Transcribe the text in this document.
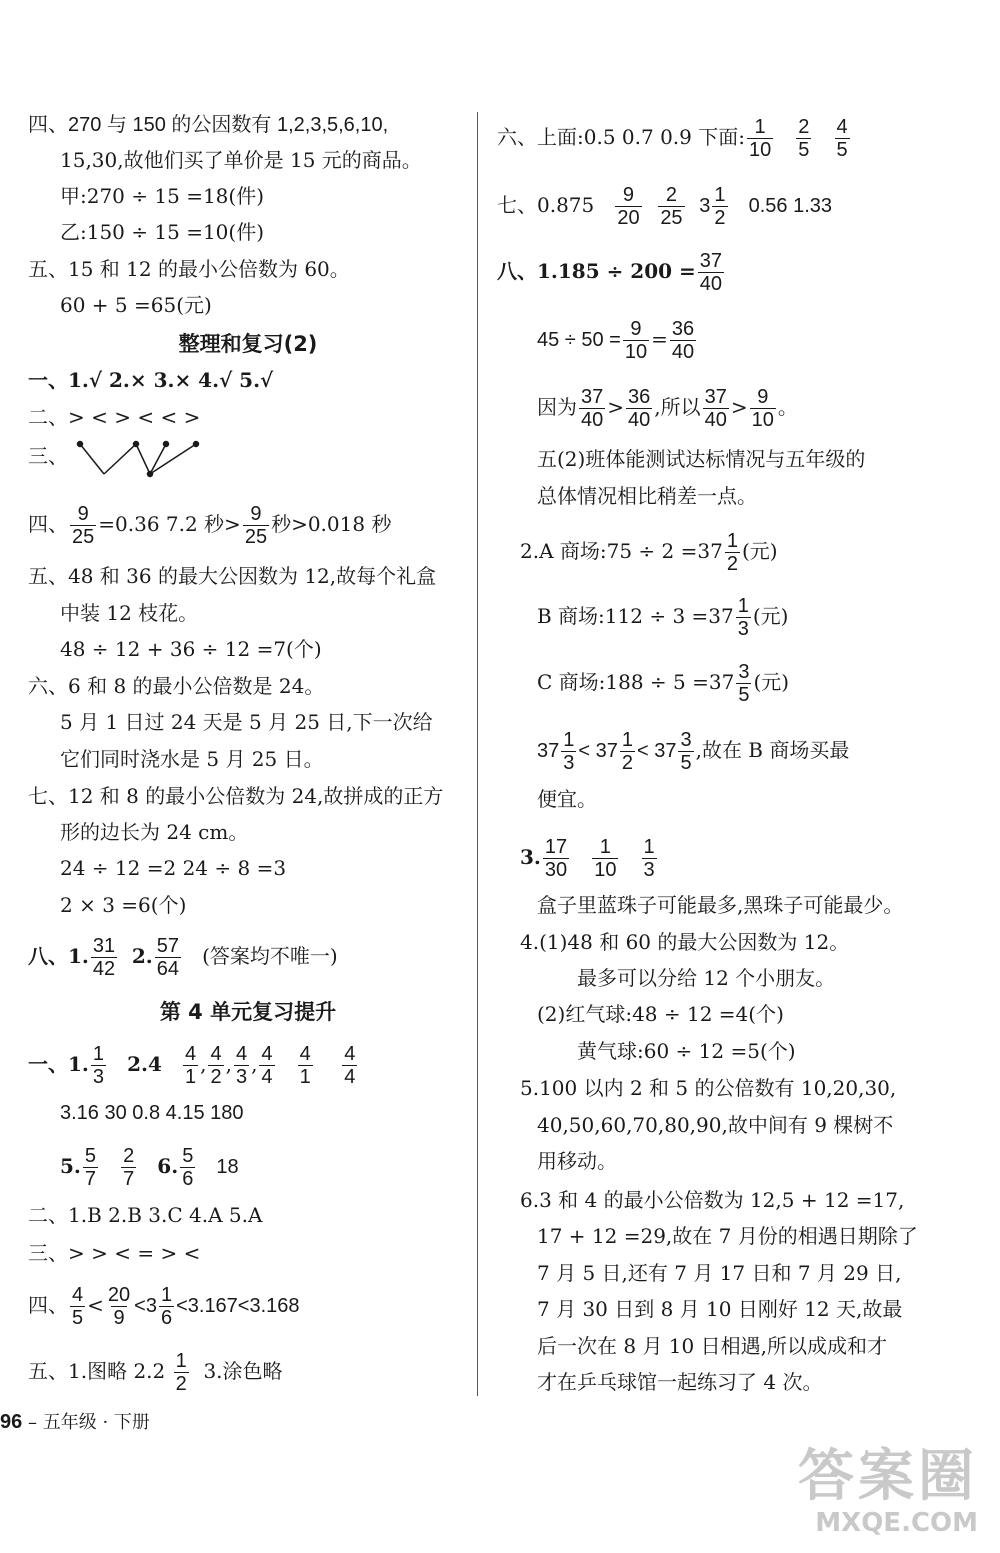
四、270 与 150 的公因数有 1,2,3,5,6,10,
15,30,故他们买了单价是 15 元的商品。
甲:270 ÷ 15 =18(件)
乙:150 ÷ 15 =10(件)
五、15 和 12 的最小公倍数为 60。
60 + 5 =65(元)
整理和复习(2)
一、1.√ 2.× 3.× 4.√ 5.√
二、> < > < < >
三、
四、 $\frac{9}{25} =0.36$ 7.2 秒> $\frac{9}{25}$ 秒>0.018 秒
五、48 和 36 的最大公因数为 12,故每个礼盒
中装 12 枝花。
48 ÷ 12 + 36 ÷ 12 =7(个)
六、6 和 8 的最小公倍数是 24。
5 月 1 日过 24 天是 5 月 25 日,下一次给
它们同时浇水是 5 月 25 日。
七、12 和 8 的最小公倍数为 24,故拼成的正方
形的边长为 24 cm。
24 ÷ 12 =2 24 ÷ 8 =3
2 × 3 =6(个)
八、1. $\frac{31}{42} 2$. $\frac{57}{64}$ (答案均不唯一)
第 4 单元复习提升
一、1. $\frac{1}{3} 2.4 \frac{4}{1}$ , $\frac{4}{2}$ , $\frac{4}{3}$ , $\frac{4}{4}$
$\frac{4}{1}$
$\frac{4}{4}$
3.16 30 0.8 4.15 180
5. $\frac{5}{7}$
$\frac{2}{7} 6$. $\frac{5}{6} 18$
二、1.B 2.B 3.C 4.A 5.A
三、> > < = > <
四、 $\frac{4}{5} < \frac{20}{9} <3 \frac{1}{6} <3.167<3.168$
五、1.图略 $2.2 \frac{1}{2} 3$.涂色略
六、上面:0.5 0.7 0.9 下面: $\frac{1}{10}$
$\frac{2}{5}$
$\frac{4}{5}$
七、$0.875 \frac{9}{20}$
$\frac{2}{25} 3 \frac{1}{2} 0.56$ 1.33
八、$1.185 \div 200 = \frac{37}{40}$
$45 \div 50 = \frac{9}{10} = \frac{36}{40}$
因为 $\frac{37}{40} > \frac{36}{40}$ ,所以 $\frac{37}{40} > \frac{9}{10}$ 。
五(2)班体能测试达标情况与五年级的
总体情况相比稍差一点。
2.A 商场:75 ÷ $2 =37 \frac{1}{2}$ (元)
B 商场:112 ÷ $3 =37 \frac{1}{3}$ (元)
C 商场:188 ÷ $5 =37 \frac{3}{5}$ (元)
$37 \frac{1}{3} < 37 \frac{1}{2} < 37 \frac{3}{5}$ ,故在 B 商场买最
便宜。
3. $\frac{17}{30}$
$\frac{1}{10}$
$\frac{1}{3}$
盒子里蓝珠子可能最多,黑珠子可能最少。
4.(1)48 和 60 的最大公因数为 12。
最多可以分给 12 个小朋友。
(2)红气球:48 ÷ 12 =4(个)
黄气球:60 ÷ 12 =5(个)
5.100 以内 2 和 5 的公倍数有 10,20,30,
40,50,60,70,80,90,故中间有 9 棵树不
用移动。
6.3 和 4 的最小公倍数为 12,5 + 12 =17,
17 + 12 =29,故在 7 月份的相遇日期除了
7 月 5 日,还有 7 月 17 日和 7 月 29 日,
7 月 30 日到 8 月 10 日刚好 12 天,故最
后一次在 8 月 10 日相遇,所以成成和才
才在乒乓球馆一起练习了 4 次。
96 – 五年级 · 下册
答案圈
MXQE.COM
